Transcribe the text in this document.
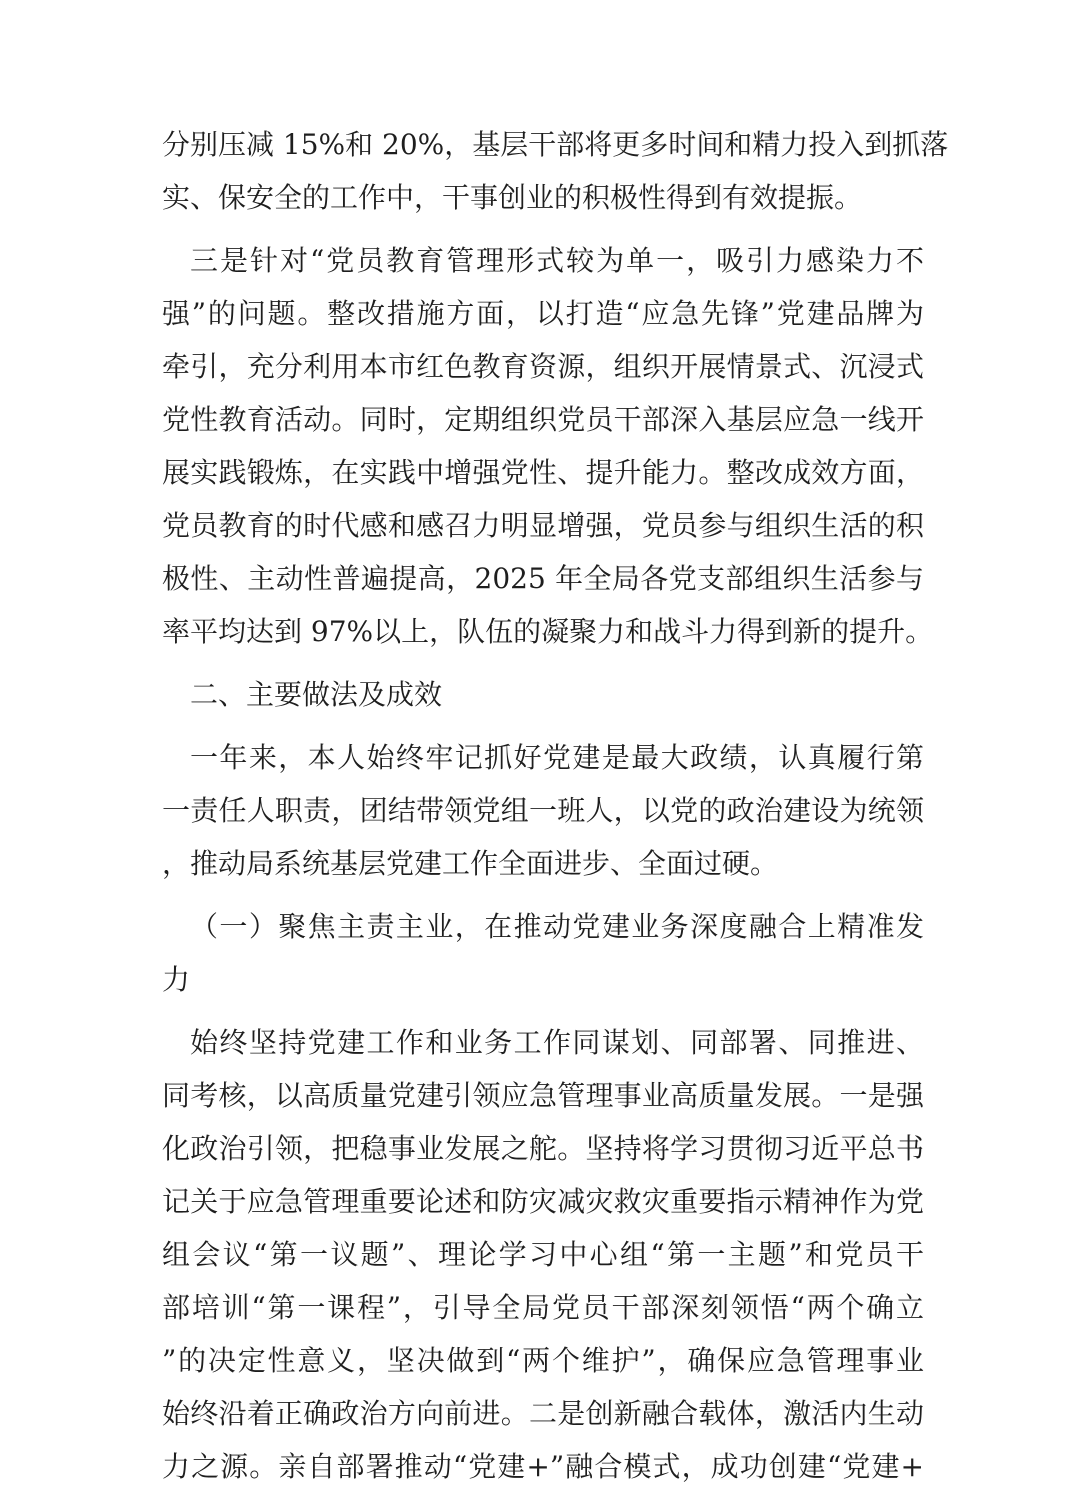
分别压减 15%和 20%，基层干部将更多时间和精力投入到抓落
实、保安全的工作中，干事创业的积极性得到有效提振。
三是针对“党员教育管理形式较为单一，吸引力感染力不
强”的问题。整改措施方面，以打造“应急先锋”党建品牌为
牵引，充分利用本市红色教育资源，组织开展情景式、沉浸式
党性教育活动。同时，定期组织党员干部深入基层应急一线开
展实践锻炼，在实践中增强党性、提升能力。整改成效方面，
党员教育的时代感和感召力明显增强，党员参与组织生活的积
极性、主动性普遍提高，2025 年全局各党支部组织生活参与
率平均达到 97%以上，队伍的凝聚力和战斗力得到新的提升。
二、主要做法及成效
一年来，本人始终牢记抓好党建是最大政绩，认真履行第
一责任人职责，团结带领党组一班人，以党的政治建设为统领
，推动局系统基层党建工作全面进步、全面过硬。
（一）聚焦主责主业，在推动党建业务深度融合上精准发
力
始终坚持党建工作和业务工作同谋划、同部署、同推进、
同考核，以高质量党建引领应急管理事业高质量发展。一是强
化政治引领，把稳事业发展之舵。坚持将学习贯彻习近平总书
记关于应急管理重要论述和防灾减灾救灾重要指示精神作为党
组会议“第一议题”、理论学习中心组“第一主题”和党员干
部培训“第一课程”，引导全局党员干部深刻领悟“两个确立
”的决定性意义，坚决做到“两个维护”，确保应急管理事业
始终沿着正确政治方向前进。二是创新融合载体，激活内生动
力之源。亲自部署推动“党建+”融合模式，成功创建“党建+
